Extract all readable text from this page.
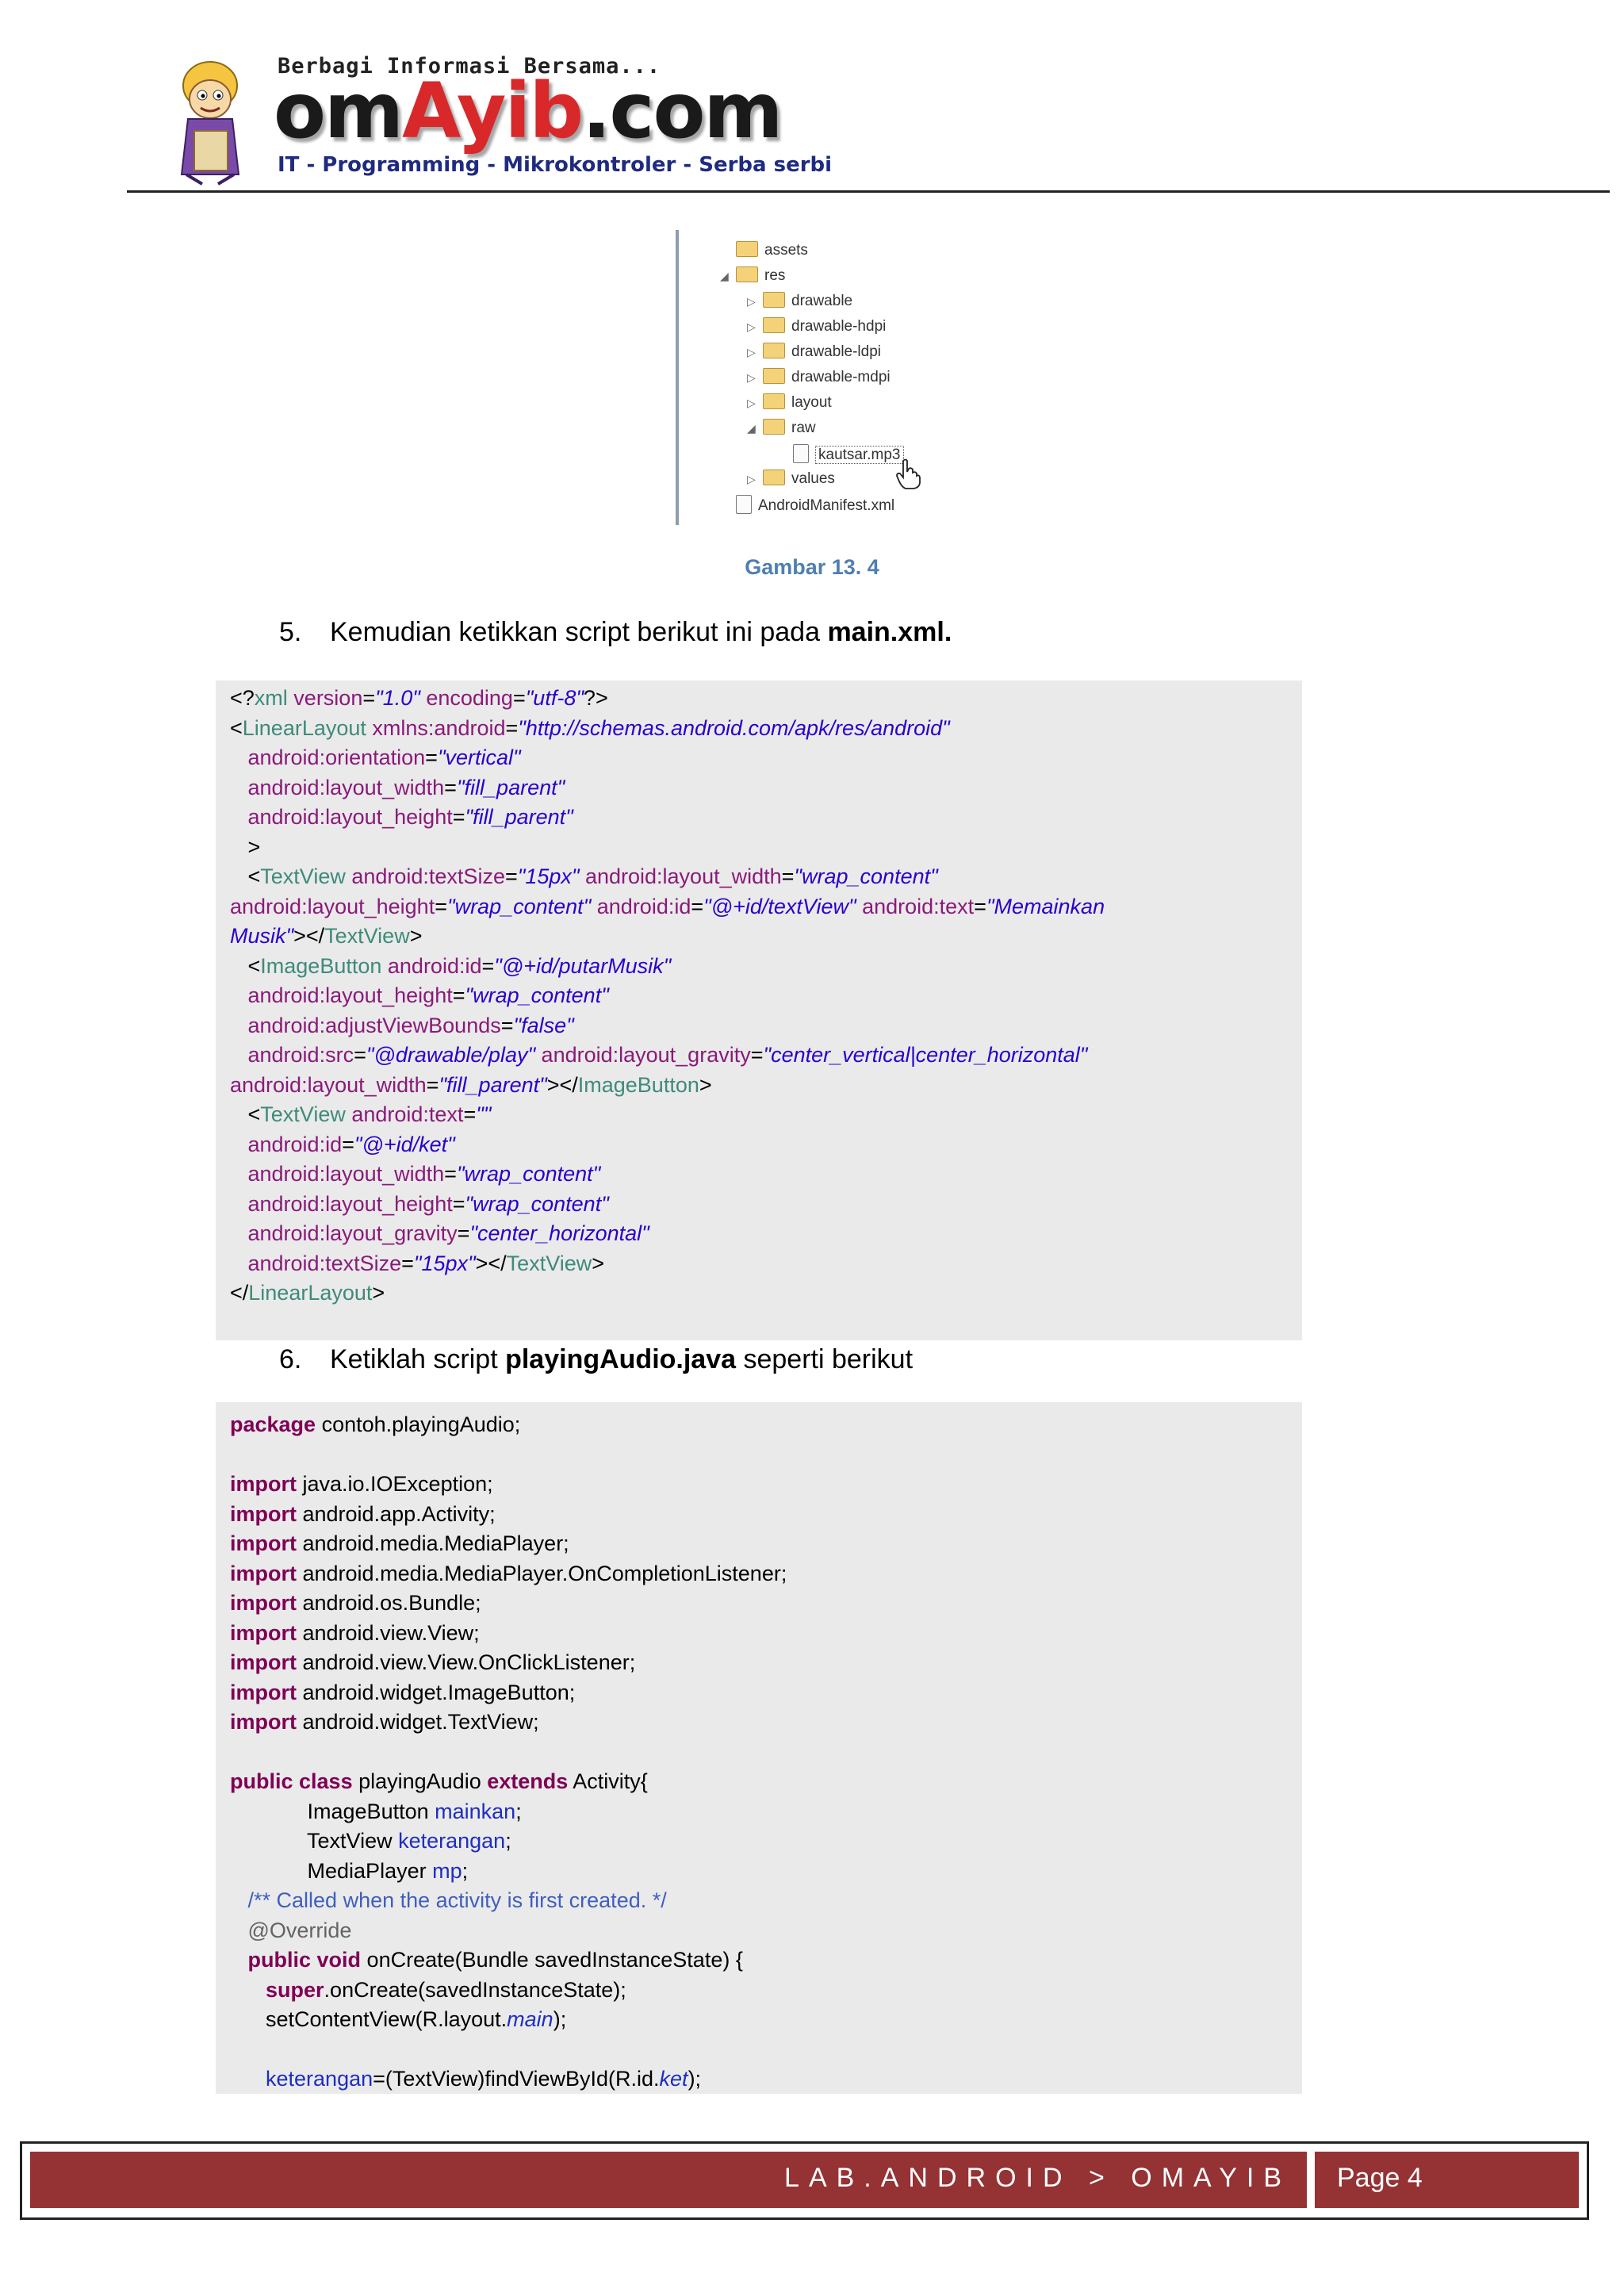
Berbagi Informasi Bersama...
omAyib.com
IT - Programming - Mikrokontroler - Serba serbi
assets
◢ res
▷ drawable
▷ drawable-hdpi
▷ drawable-ldpi
▷ drawable-mdpi
▷ layout
◢ raw
kautsar.mp3
▷ values
AndroidManifest.xml
Gambar 13. 4
5. Kemudian ketikkan script berikut ini pada main.xml.
<?xml version="1.0" encoding="utf-8"?>
<LinearLayout xmlns:android="http://schemas.android.com/apk/res/android"
android:orientation="vertical"
android:layout_width="fill_parent"
android:layout_height="fill_parent"
>
<TextView android:textSize="15px" android:layout_width="wrap_content"
android:layout_height="wrap_content" android:id="@+id/textView" android:text="Memainkan
Musik"></TextView>
<ImageButton android:id="@+id/putarMusik"
android:layout_height="wrap_content"
android:adjustViewBounds="false"
android:src="@drawable/play" android:layout_gravity="center_vertical|center_horizontal"
android:layout_width="fill_parent"></ImageButton>
<TextView android:text=""
android:id="@+id/ket"
android:layout_width="wrap_content"
android:layout_height="wrap_content"
android:layout_gravity="center_horizontal"
android:textSize="15px"></TextView>
</LinearLayout>
6. Ketiklah script playingAudio.java seperti berikut
package contoh.playingAudio;

import java.io.IOException;
import android.app.Activity;
import android.media.MediaPlayer;
import android.media.MediaPlayer.OnCompletionListener;
import android.os.Bundle;
import android.view.View;
import android.view.View.OnClickListener;
import android.widget.ImageButton;
import android.widget.TextView;

public class playingAudio extends Activity{
ImageButton mainkan;
TextView keterangan;
MediaPlayer mp;
/** Called when the activity is first created. */
@Override
public void onCreate(Bundle savedInstanceState) {
super.onCreate(savedInstanceState);
setContentView(R.layout.main);

keterangan=(TextView)findViewById(R.id.ket);
LAB.ANDROID > OMAYIB Page 4
